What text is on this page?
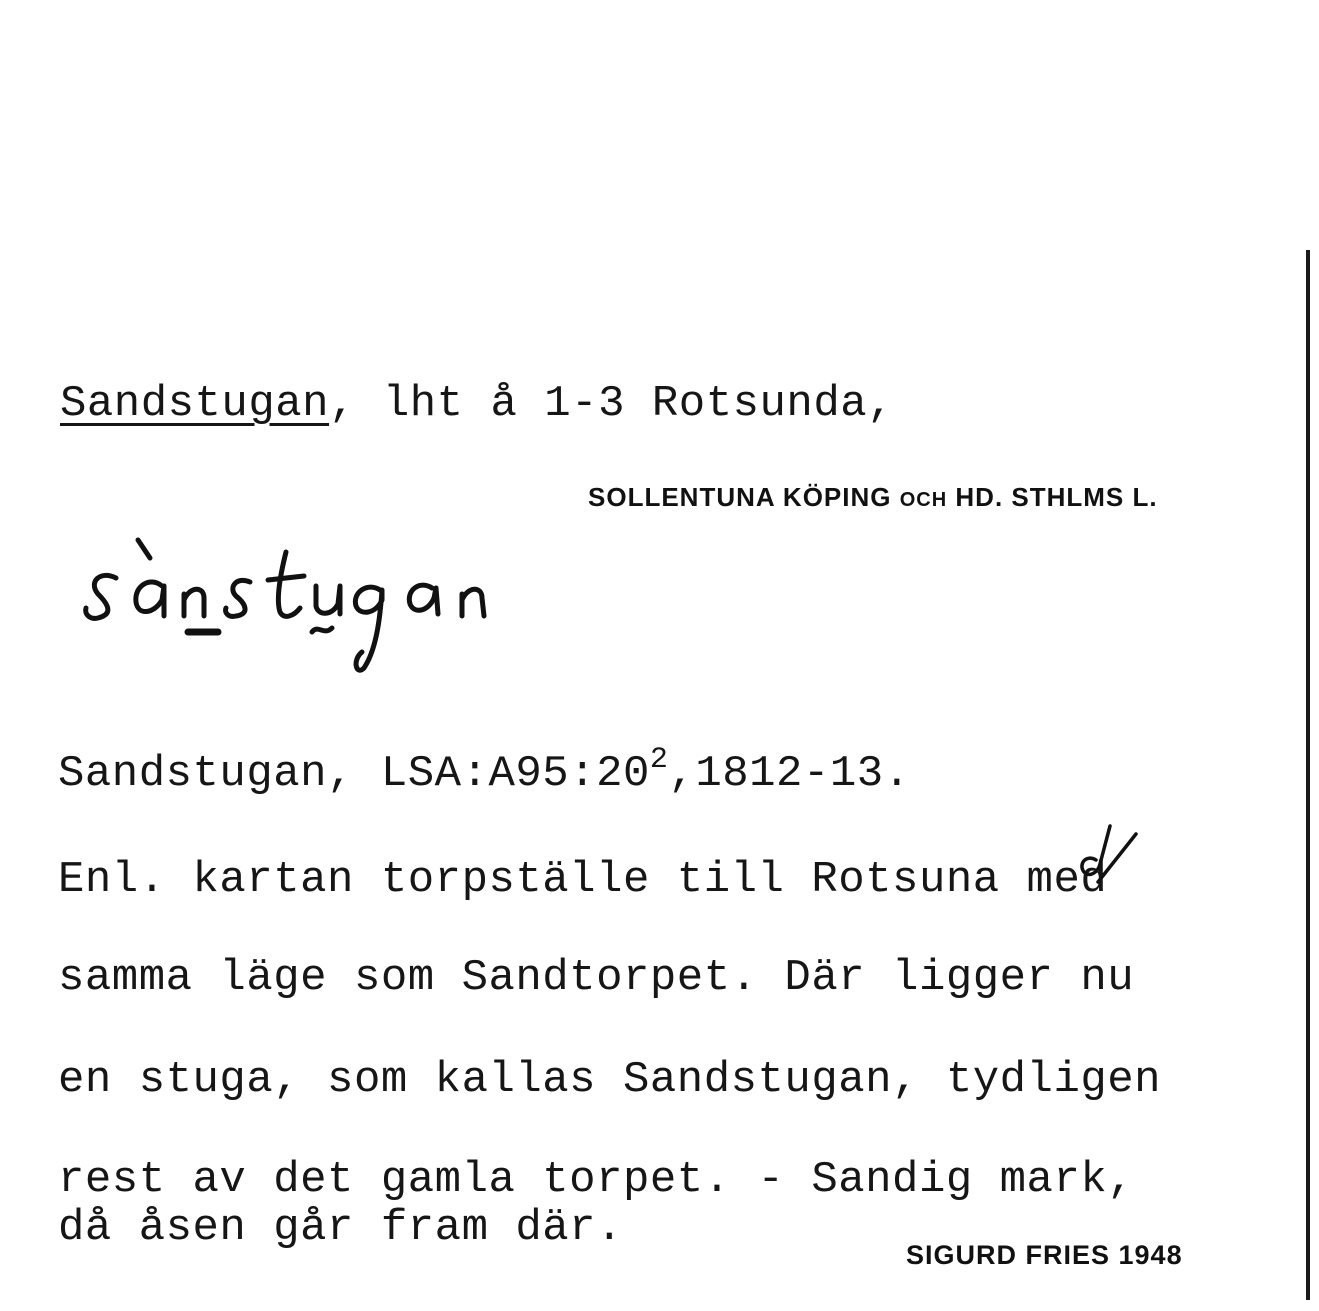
Sandstugan, lht å 1-3 Rotsunda,
SOLLENTUNA KÖPING OCH HD. STHLMS L.
Sandstugan, $LSA:A95:20^2,1812-13$.
Enl. kartan torpställe till Rotsuna med
samma läge som Sandtorpet. Där ligger nu
en stuga, som kallas Sandstugan, tydligen
rest av det gamla torpet. - Sandig mark,
då åsen går fram där.
SIGURD FRIES 1948
